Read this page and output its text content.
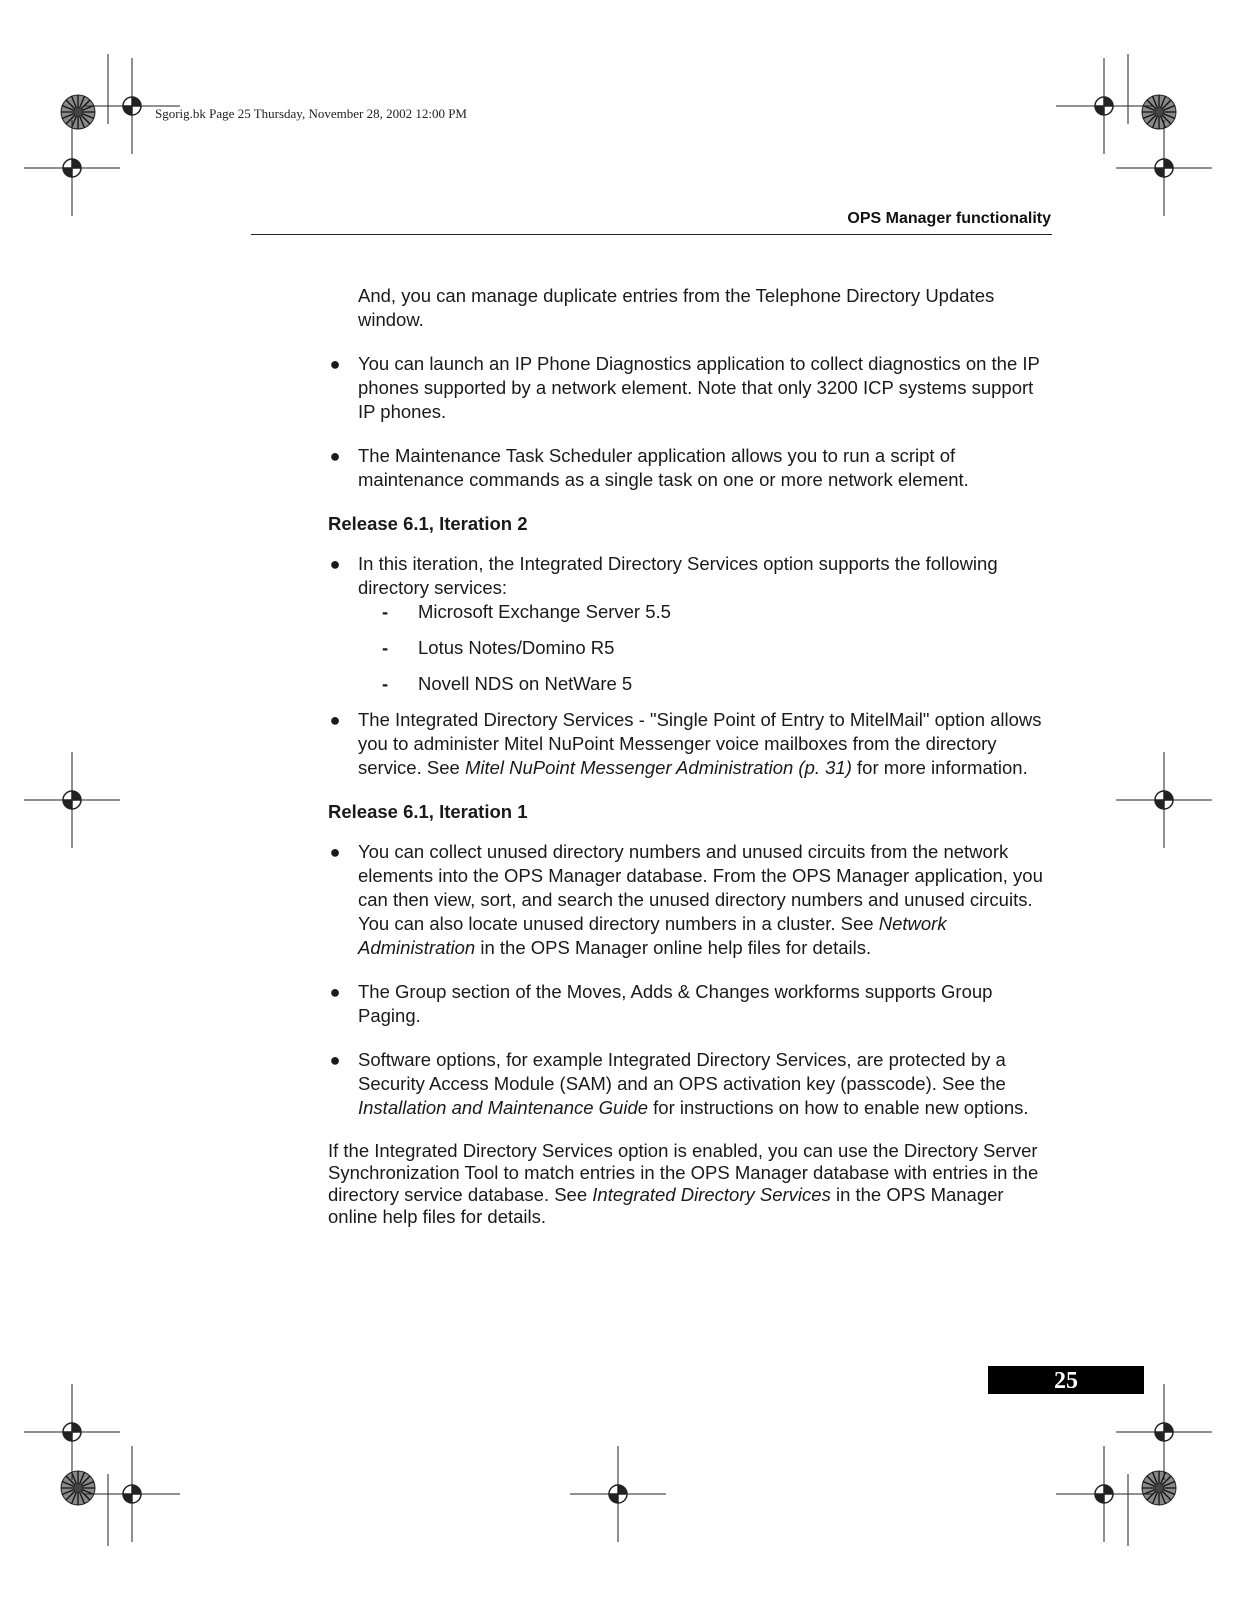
Sgorig.bk Page 25 Thursday, November 28, 2002 12:00 PM
OPS Manager functionality

And, you can manage duplicate entries from the Telephone Directory Updates window.

● You can launch an IP Phone Diagnostics application to collect diagnostics on the IP phones supported by a network element. Note that only 3200 ICP systems support IP phones.
● The Maintenance Task Scheduler application allows you to run a script of maintenance commands as a single task on one or more network element.
Release 6.1, Iteration 2
● In this iteration, the Integrated Directory Services option supports the following directory services:
- Microsoft Exchange Server 5.5
- Lotus Notes/Domino R5
- Novell NDS on NetWare 5
● The Integrated Directory Services - "Single Point of Entry to MitelMail" option allows you to administer Mitel NuPoint Messenger voice mailboxes from the directory service. See Mitel NuPoint Messenger Administration (p. 31) for more information.
Release 6.1, Iteration 1
● You can collect unused directory numbers and unused circuits from the network elements into the OPS Manager database. From the OPS Manager application, you can then view, sort, and search the unused directory numbers and unused circuits. You can also locate unused directory numbers in a cluster. See Network Administration in the OPS Manager online help files for details.
● The Group section of the Moves, Adds & Changes workforms supports Group Paging.
● Software options, for example Integrated Directory Services, are protected by a Security Access Module (SAM) and an OPS activation key (passcode). See the Installation and Maintenance Guide for instructions on how to enable new options.

If the Integrated Directory Services option is enabled, you can use the Directory Server Synchronization Tool to match entries in the OPS Manager database with entries in the directory service database. See Integrated Directory Services in the OPS Manager online help files for details.

25
